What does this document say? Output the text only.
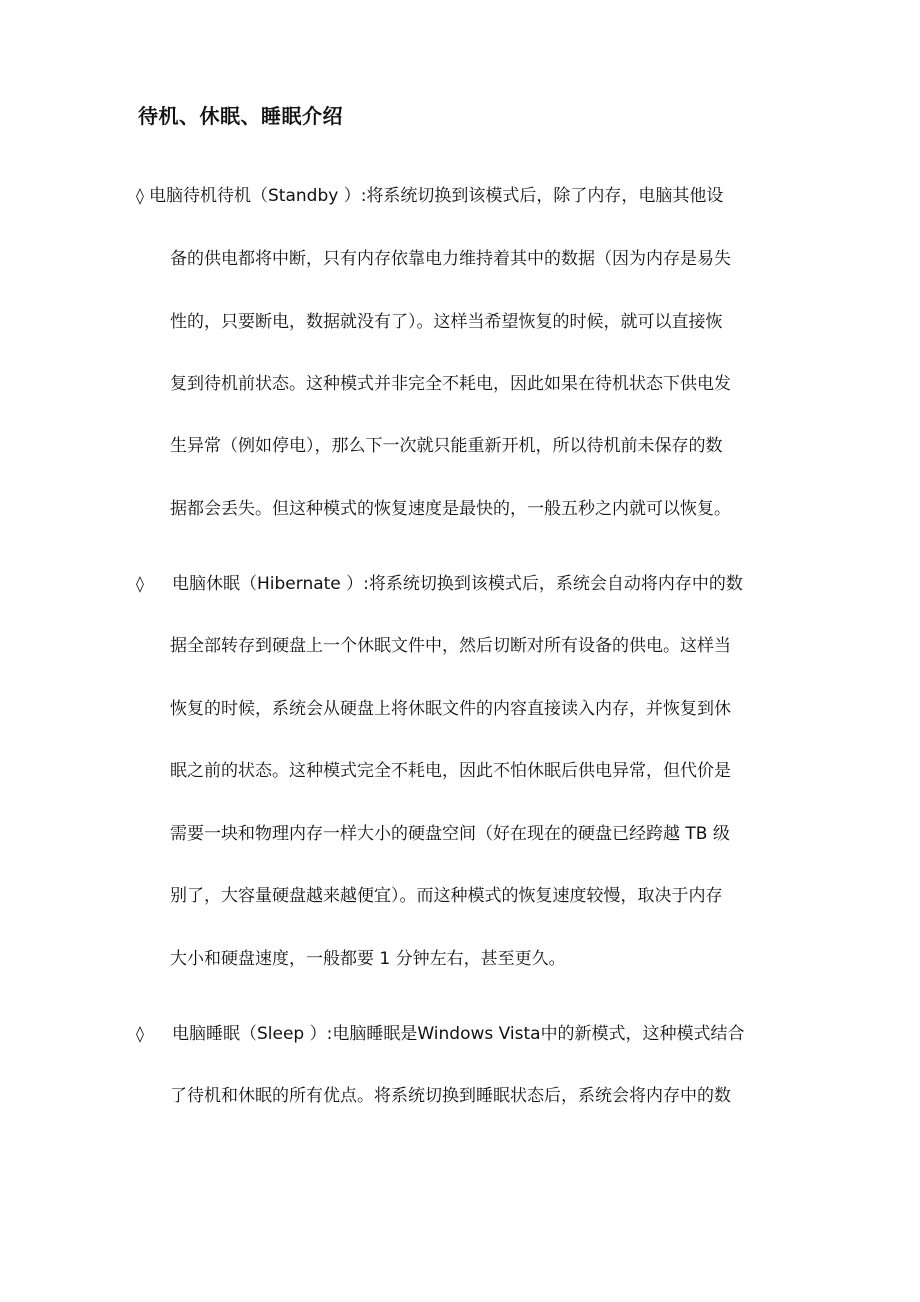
待机、休眠、睡眠介绍
◊ 电脑待机待机（Standby ）:将系统切换到该模式后，除了内存，电脑其他设
备的供电都将中断，只有内存依靠电力维持着其中的数据（因为内存是易失
性的，只要断电，数据就没有了）。这样当希望恢复的时候，就可以直接恢
复到待机前状态。这种模式并非完全不耗电，因此如果在待机状态下供电发
生异常（例如停电），那么下一次就只能重新开机，所以待机前未保存的数
据都会丢失。但这种模式的恢复速度是最快的，一般五秒之内就可以恢复。
◊ 电脑休眠（Hibernate ）:将系统切换到该模式后，系统会自动将内存中的数
据全部转存到硬盘上一个休眠文件中，然后切断对所有设备的供电。这样当
恢复的时候，系统会从硬盘上将休眠文件的内容直接读入内存，并恢复到休
眠之前的状态。这种模式完全不耗电，因此不怕休眠后供电异常，但代价是
需要一块和物理内存一样大小的硬盘空间（好在现在的硬盘已经跨越 TB 级
别了，大容量硬盘越来越便宜）。而这种模式的恢复速度较慢，取决于内存
大小和硬盘速度，一般都要 1 分钟左右，甚至更久。
◊ 电脑睡眠（Sleep ）:电脑睡眠是Windows Vista中的新模式，这种模式结合
了待机和休眠的所有优点。将系统切换到睡眠状态后，系统会将内存中的数
